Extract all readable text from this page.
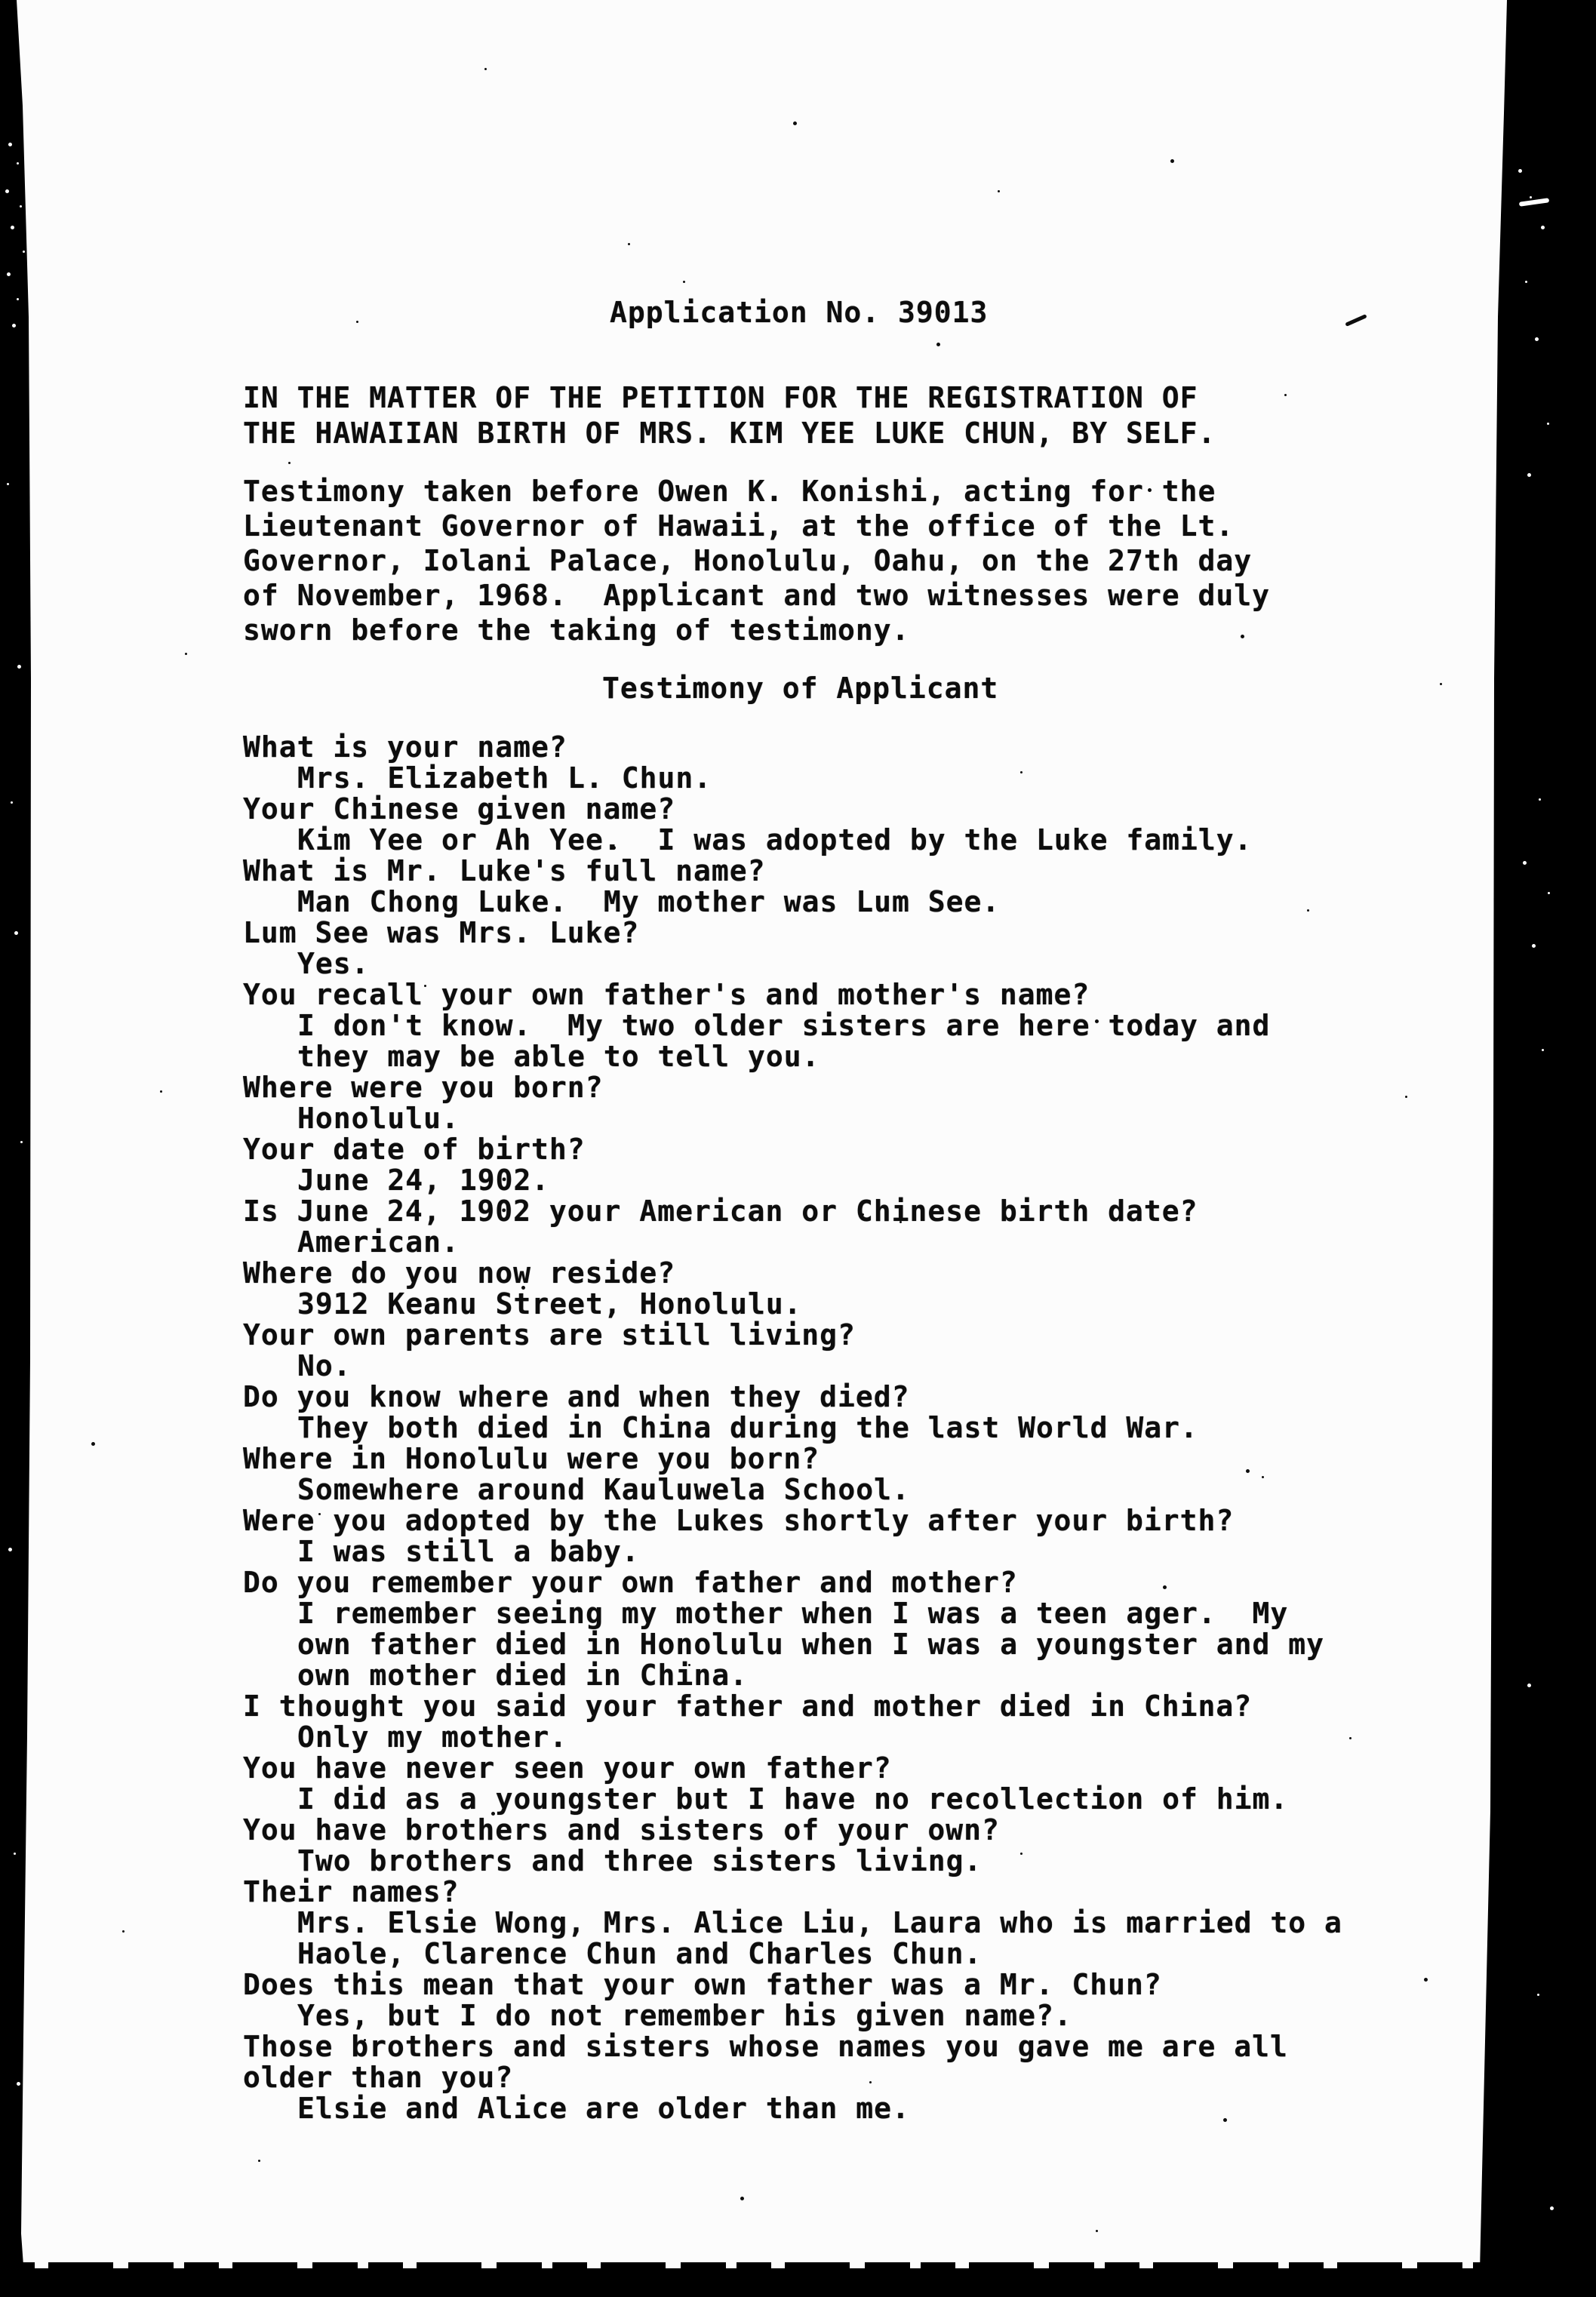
Application No. 39013
IN THE MATTER OF THE PETITION FOR THE REGISTRATION OF
THE HAWAIIAN BIRTH OF MRS. KIM YEE LUKE CHUN, BY SELF.
Testimony taken before Owen K. Konishi, acting for the
Lieutenant Governor of Hawaii, at the office of the Lt.
Governor, Iolani Palace, Honolulu, Oahu, on the 27th day
of November, 1968.  Applicant and two witnesses were duly
sworn before the taking of testimony.
Testimony of Applicant
What is your name?
Mrs. Elizabeth L. Chun.
Your Chinese given name?
Kim Yee or Ah Yee.  I was adopted by the Luke family.
What is Mr. Luke's full name?
Man Chong Luke.  My mother was Lum See.
Lum See was Mrs. Luke?
Yes.
You recall your own father's and mother's name?
I don't know.  My two older sisters are here today and
they may be able to tell you.
Where were you born?
Honolulu.
Your date of birth?
June 24, 1902.
Is June 24, 1902 your American or Chinese birth date?
American.
Where do you now reside?
3912 Keanu Street, Honolulu.
Your own parents are still living?
No.
Do you know where and when they died?
They both died in China during the last World War.
Where in Honolulu were you born?
Somewhere around Kauluwela School.
Were you adopted by the Lukes shortly after your birth?
I was still a baby.
Do you remember your own father and mother?
I remember seeing my mother when I was a teen ager.  My
own father died in Honolulu when I was a youngster and my
own mother died in China.
I thought you said your father and mother died in China?
Only my mother.
You have never seen your own father?
I did as a youngster but I have no recollection of him.
You have brothers and sisters of your own?
Two brothers and three sisters living.
Their names?
Mrs. Elsie Wong, Mrs. Alice Liu, Laura who is married to a
Haole, Clarence Chun and Charles Chun.
Does this mean that your own father was a Mr. Chun?
Yes, but I do not remember his given name?.
Those brothers and sisters whose names you gave me are all
older than you?
Elsie and Alice are older than me.
